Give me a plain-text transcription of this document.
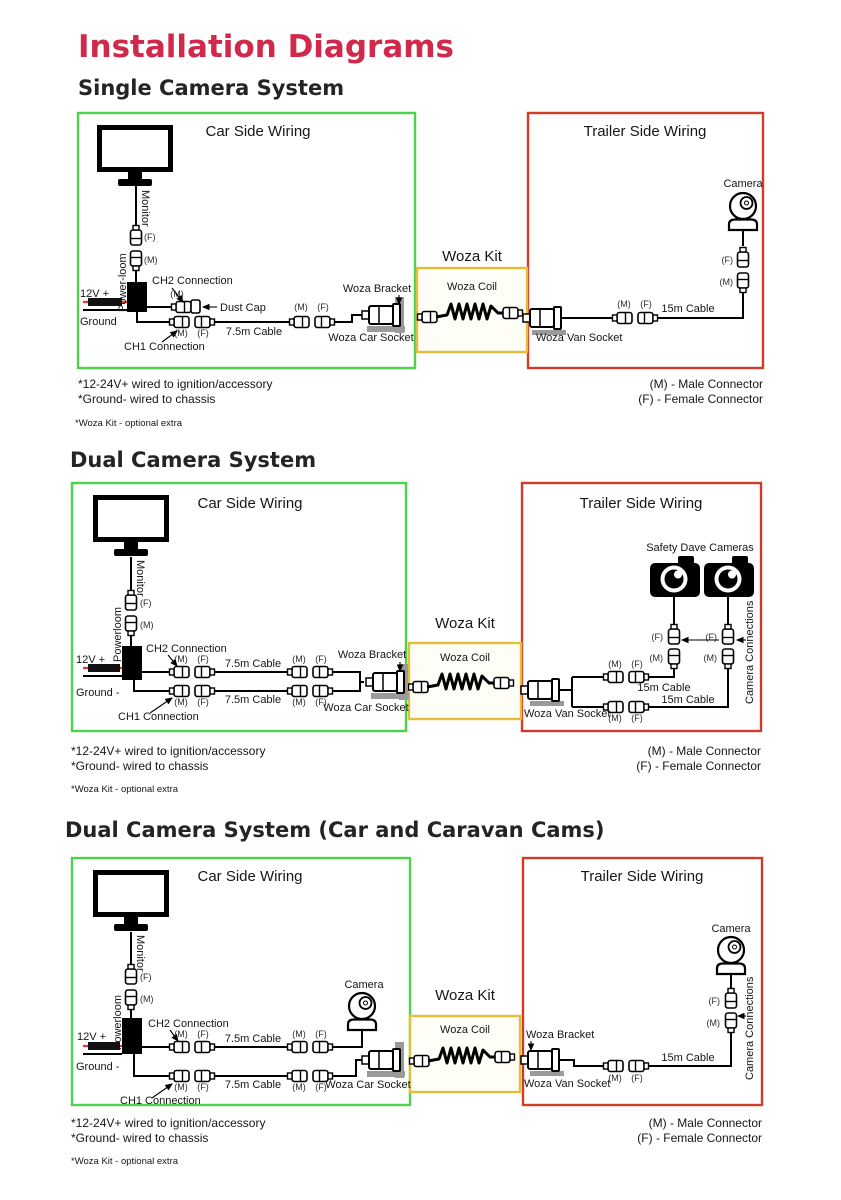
Installation Diagrams
Single Camera System
Dual Camera System
Dual Camera System (Car and Caravan Cams)
Car Side Wiring	Trailer Side Wiring
Woza Kit
Woza Coil
Monitor
(F)
(M)
Power-loom
12V +
Ground
CH2 Connection
(M)
Dust Cap
(M) (F) 7.5m Cable
CH1 Connection
(M) (F)
Woza Bracket
Woza Car Socket
Camera
(F)
(M)
15m Cable
(M) (F)
Woza Van Socket
*12-24V+ wired to ignition/accessory
*Ground- wired to chassis
*Woza Kit - optional extra
(M) - Male Connector
(F) - Female Connector
Car Side Wiring	Trailer Side Wiring
Woza Kit
Woza Coil
Monitor
(F)
(M)
Powerloom
12V +
Ground -
CH2 Connection
CH1 Connection
(M) (F) 7.5m Cable (M) (F)
(M) (F) 7.5m Cable (M) (F)
Woza Bracket
Woza Car Socket
Safety Dave Cameras
(F)
(M)
(F)
(M) Camera Connections
(M) (F)
15m Cable
(M) (F)
15m Cable
Woza Van Socket
*12-24V+ wired to ignition/accessory
*Ground- wired to chassis
*Woza Kit - optional extra
(M) - Male Connector
(F) - Female Connector
Car Side Wiring	Trailer Side Wiring
Woza Kit
Woza Coil
Monitor
(F)
(M)
Powerloom
12V +
Ground -
CH2 Connection
CH1 Connection
(M) (F) 7.5m Cable (M) (F)
Camera
(M) (F) 7.5m Cable (M) (F)
Woza Car Socket
Camera
(F)
(M) Camera Connections
15m Cable
(M) (F)
Woza Bracket
Woza Van Socket
*12-24V+ wired to ignition/accessory
*Ground- wired to chassis
*Woza Kit - optional extra
(M) - Male Connector
(F) - Female Connector
